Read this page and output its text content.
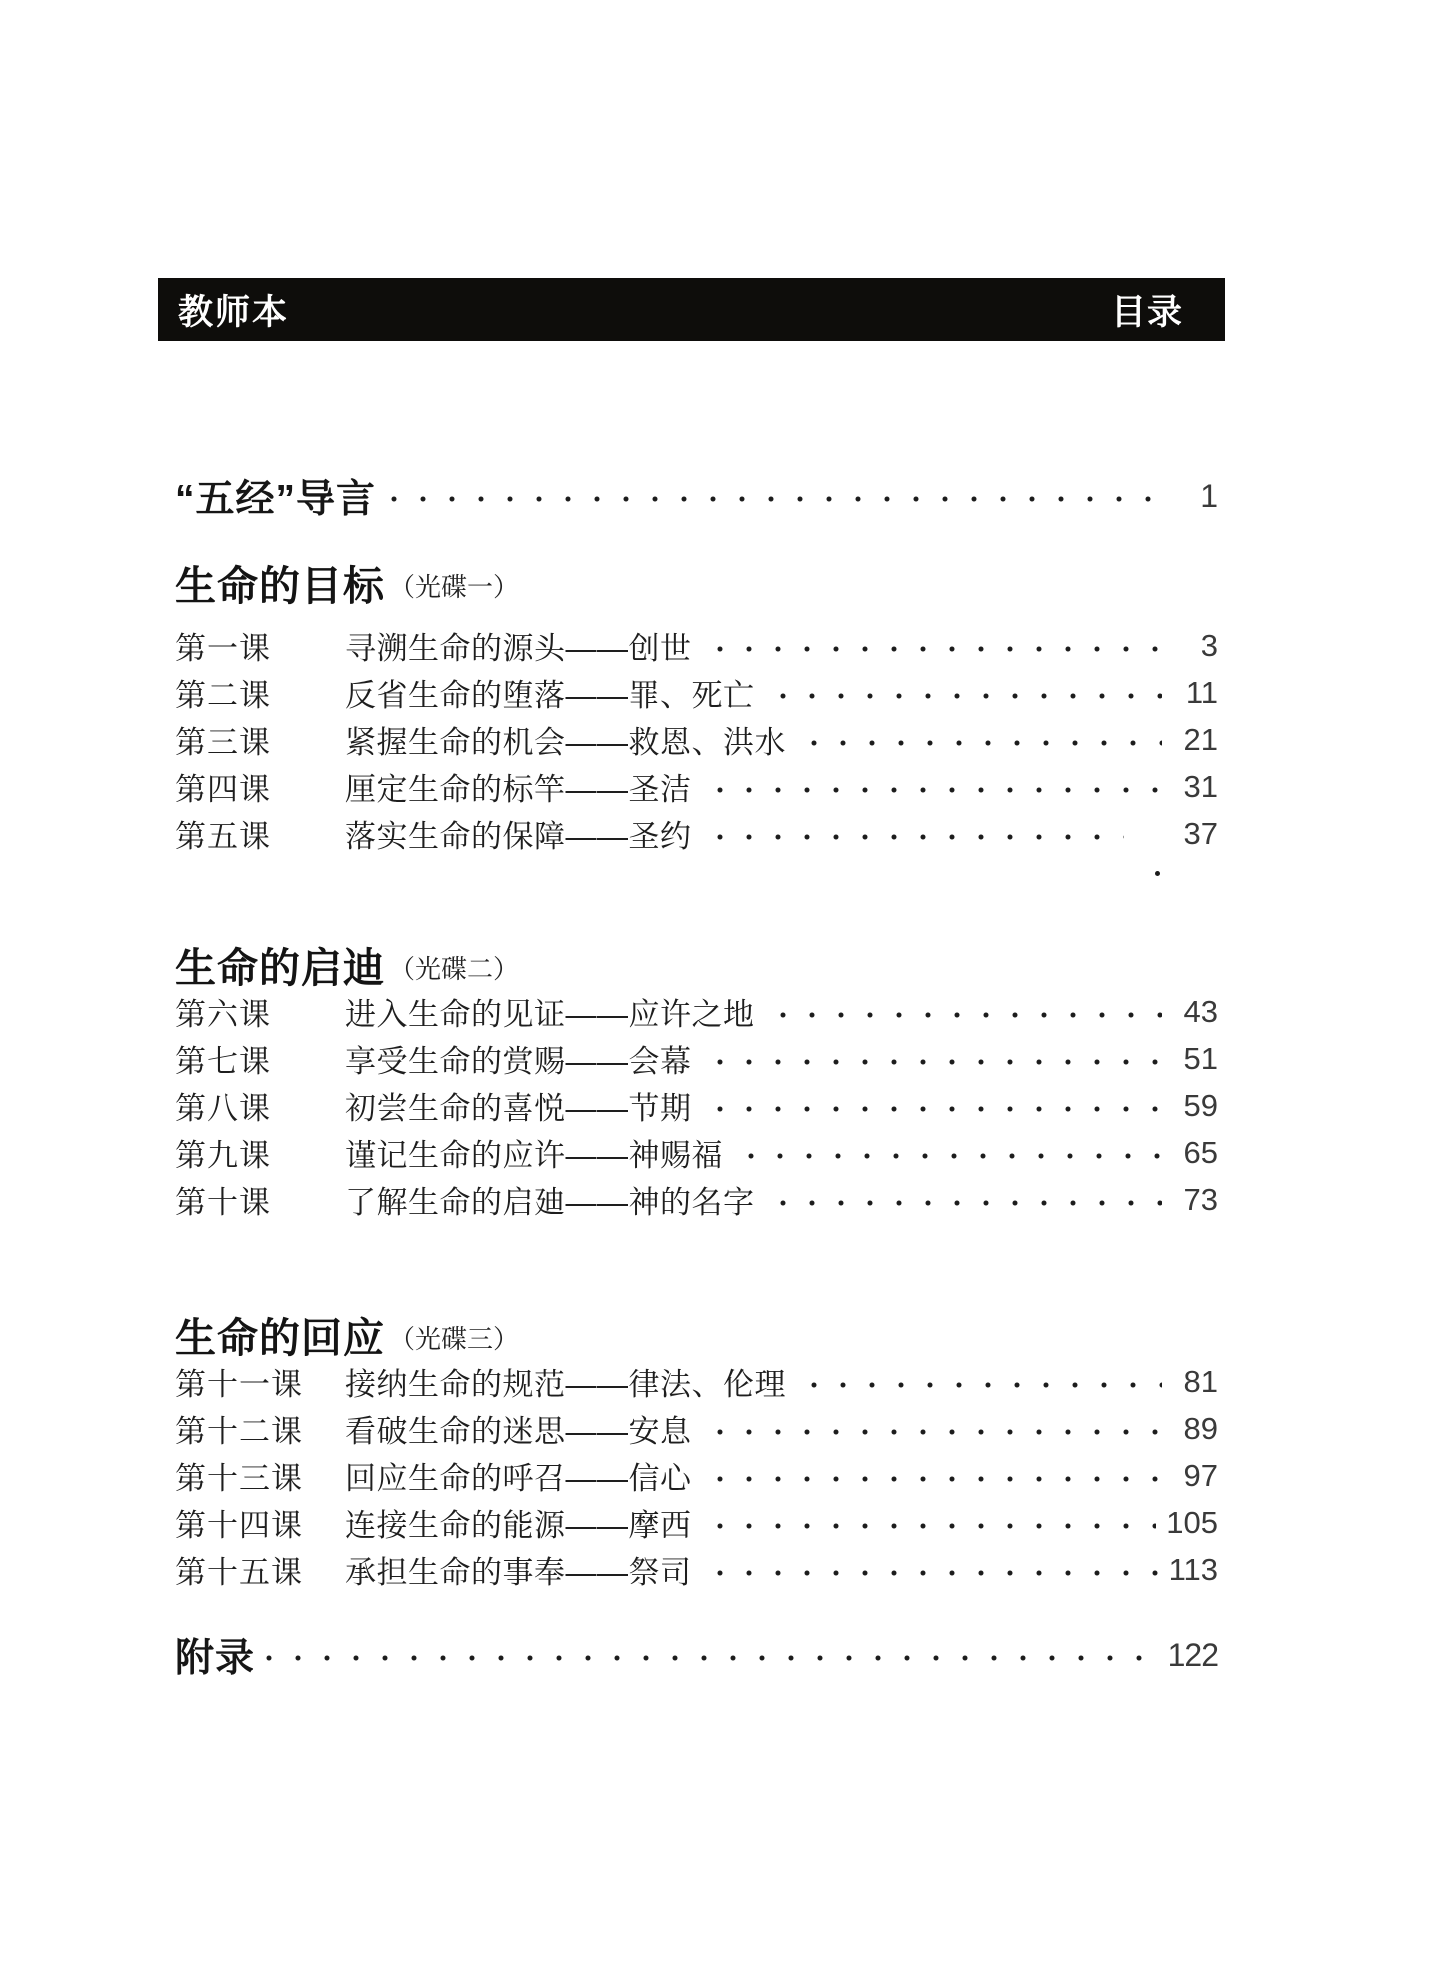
教师本	目录
“五经”导言	1
生命的目标 （光碟一）
第一课	寻溯生命的源头——创世	3
第二课	反省生命的堕落——罪、死亡	11
第三课	紧握生命的机会——救恩、洪水	21
第四课	厘定生命的标竿——圣洁	31
第五课	落实生命的保障——圣约	37
生命的启迪 （光碟二）
第六课	进入生命的见证——应许之地	43
第七课	享受生命的赏赐——会幕	51
第八课	初尝生命的喜悦——节期	59
第九课	谨记生命的应许——神赐福	65
第十课	了解生命的启廸——神的名字	73
生命的回应 （光碟三）
第十一课	接纳生命的规范——律法、伦理	81
第十二课	看破生命的迷思——安息	89
第十三课	回应生命的呼召——信心	97
第十四课	连接生命的能源——摩西	105
第十五课	承担生命的事奉——祭司	113
附录	122
